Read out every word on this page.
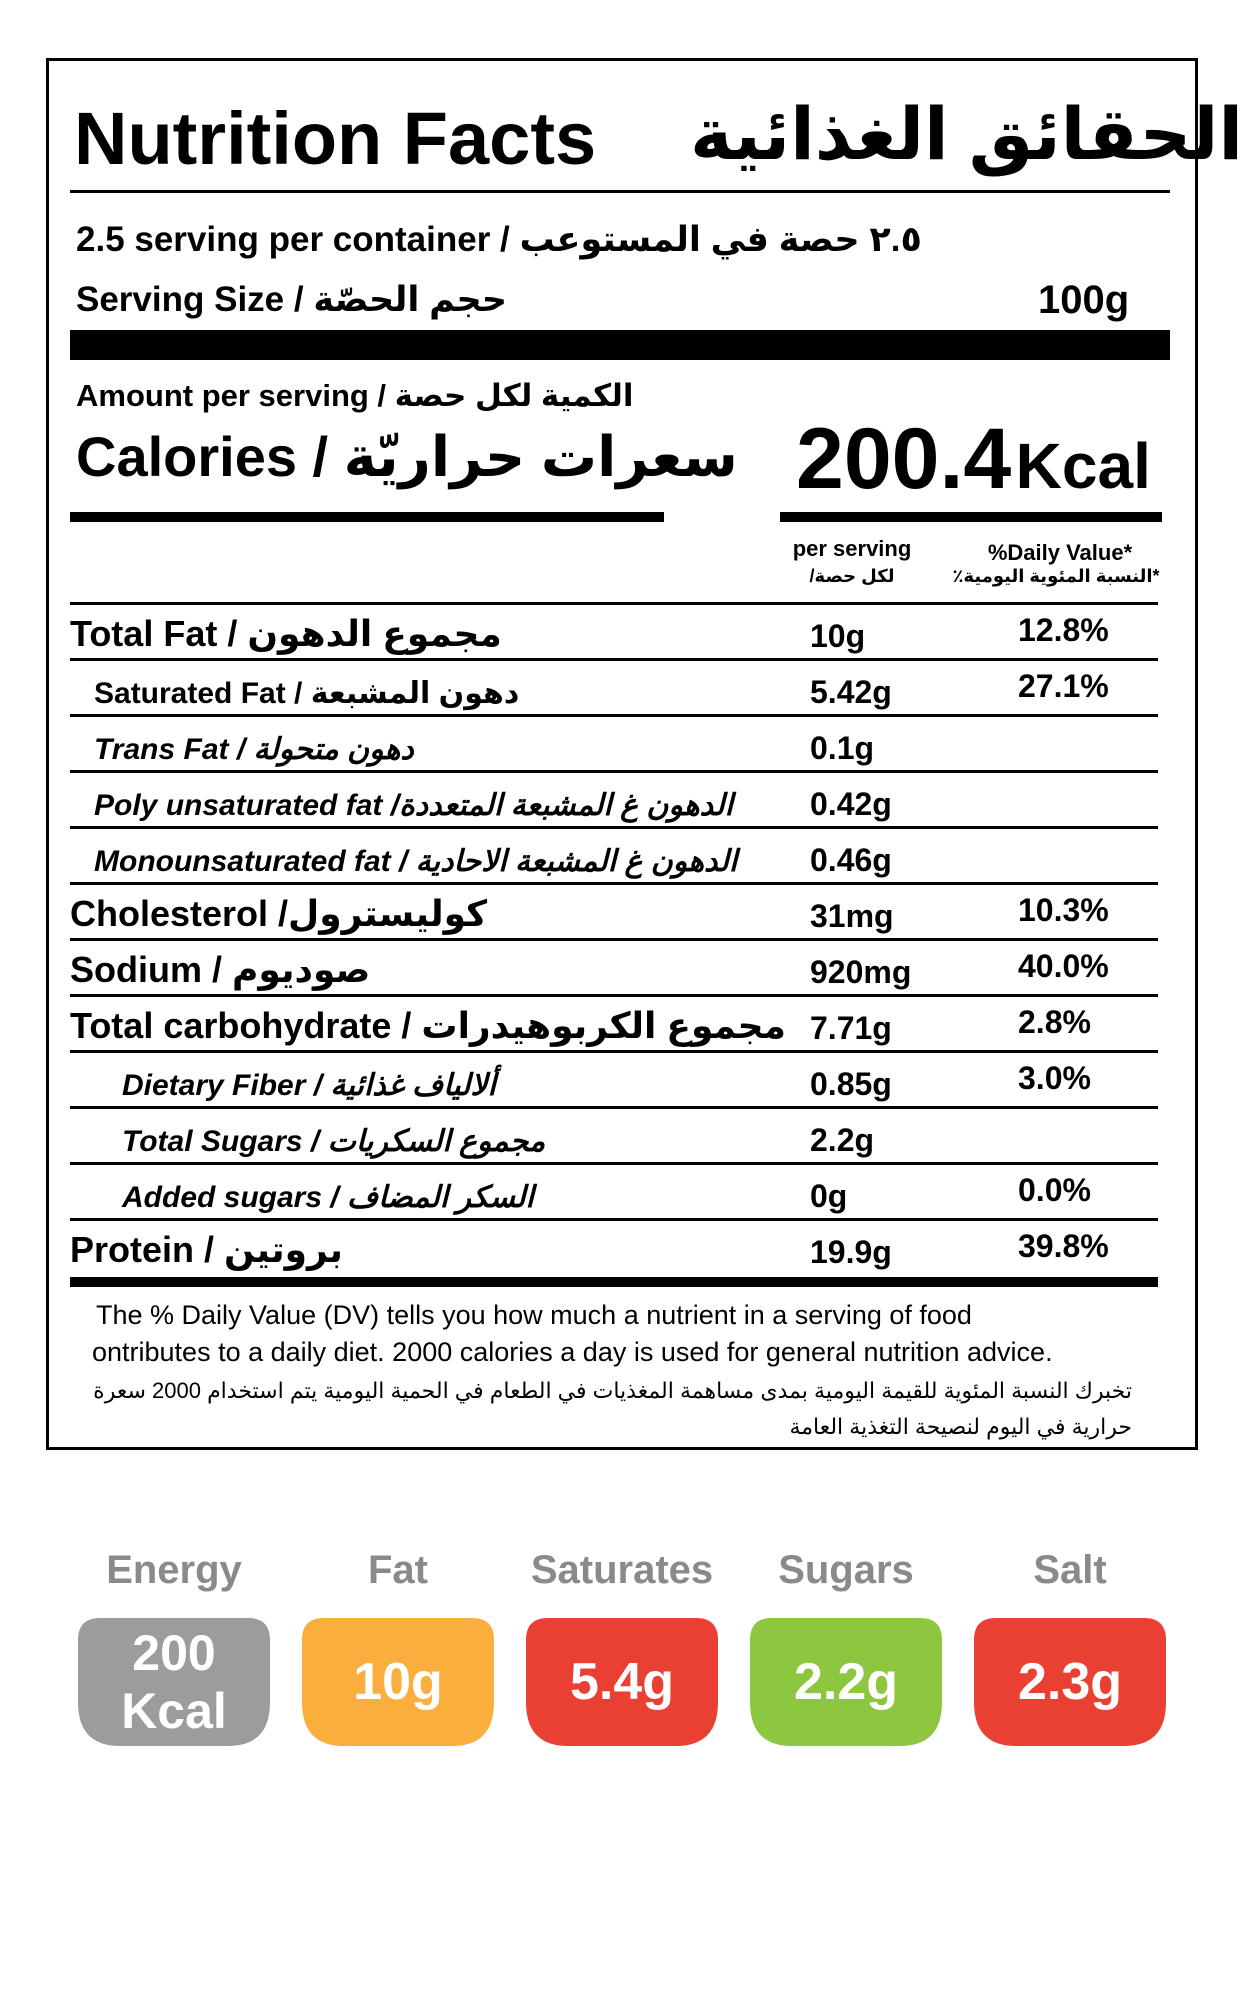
Nutrition Facts الحقائق الغذائية
2.5 serving per container / ٢.٥ حصة في المستوعب
Serving Size / حجم الحصّة	100g
Amount per serving / الكمية لكل حصة
Calories / سعرات حراريّة 200.4 Kcal
per serving
لكل حصة/
%Daily Value*
*النسبة المئوية اليومية٪
Total Fat / مجموع الدهون	10g	12.8%
Saturated Fat / دهون المشبعة	5.42g	27.1%
Trans Fat / دهون متحولة	0.1g
Poly unsaturated fat /الدهون غ المشبعة المتعددة 0.42g
Monounsaturated fat / الدهون غ المشبعة الاحادية 0.46g
Cholesterol /كوليسترول	31mg	10.3%
Sodium / صوديوم	920mg	40.0%
Total carbohydrate / مجموع الكربوهيدرات 7.71g	2.8%
Dietary Fiber / ألالياف غذائية	0.85g	3.0%
Total Sugars / مجموع السكريات	2.2g
Added sugars / السكر المضاف	0g	0.0%
Protein / بروتين	19.9g	39.8%
The % Daily Value (DV) tells you how much a nutrient in a serving of food
ontributes to a daily diet. 2000 calories a day is used for general nutrition advice.
تخبرك النسبة المئوية للقيمة اليومية بمدى مساهمة المغذيات في الطعام في الحمية اليومية يتم استخدام 2000 سعرة
حرارية في اليوم لنصيحة التغذية العامة
Energy
200
Kcal
Fat
10g
Saturates
5.4g
Sugars
2.2g
Salt
2.3g
